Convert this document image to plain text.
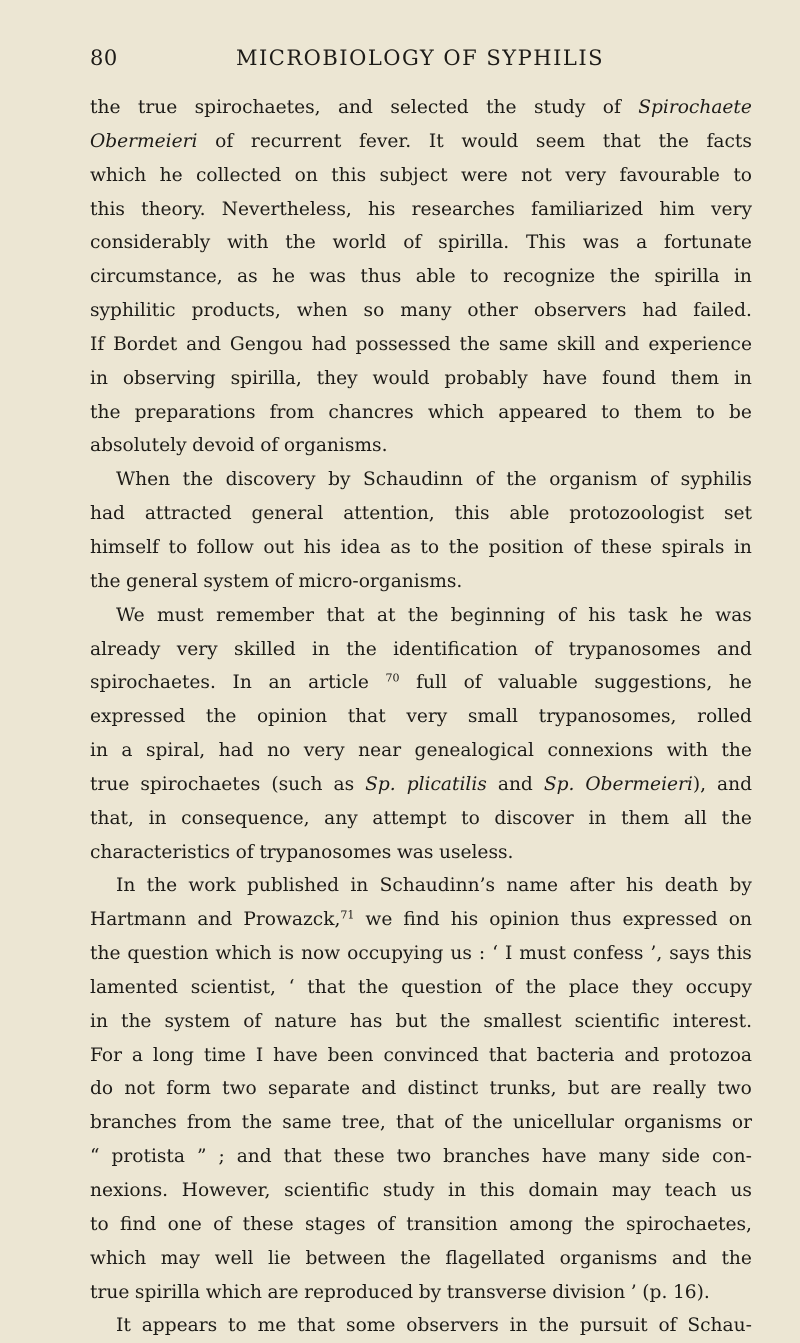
80	MICROBIOLOGY OF SYPHILIS
the true spirochaetes, and selected the study of Spirochaete
Obermeieri of recurrent fever. It would seem that the facts
which he collected on this subject were not very favourable to
this theory. Nevertheless, his researches familiarized him very
considerably with the world of spirilla. This was a fortunate
circumstance, as he was thus able to recognize the spirilla in
syphilitic products, when so many other observers had failed.
If Bordet and Gengou had possessed the same skill and experience
in observing spirilla, they would probably have found them in
the preparations from chancres which appeared to them to be
absolutely devoid of organisms.
When the discovery by Schaudinn of the organism of syphilis
had attracted general attention, this able protozoologist set
himself to follow out his idea as to the position of these spirals in
the general system of micro-organisms.
We must remember that at the beginning of his task he was
already very skilled in the identification of trypanosomes and
spirochaetes. In an article $^{70}$ full of valuable suggestions, he
expressed the opinion that very small trypanosomes, rolled
in a spiral, had no very near genealogical connexions with the
true spirochaetes (such as Sp. plicatilis and Sp. Obermeieri), and
that, in consequence, any attempt to discover in them all the
characteristics of trypanosomes was useless.
In the work published in Schaudinn’s name after his death by
Hartmann and Prowazck,$^{71}$ we find his opinion thus expressed on
the question which is now occupying us : ‘ I must confess ’, says this
lamented scientist, ‘ that the question of the place they occupy
in the system of nature has but the smallest scientific interest.
For a long time I have been convinced that bacteria and protozoa
do not form two separate and distinct trunks, but are really two
branches from the same tree, that of the unicellular organisms or
“ protista ” ; and that these two branches have many side con-
nexions. However, scientific study in this domain may teach us
to find one of these stages of transition among the spirochaetes,
which may well lie between the flagellated organisms and the
true spirilla which are reproduced by transverse division ’ (p. 16).
It appears to me that some observers in the pursuit of Schau-
